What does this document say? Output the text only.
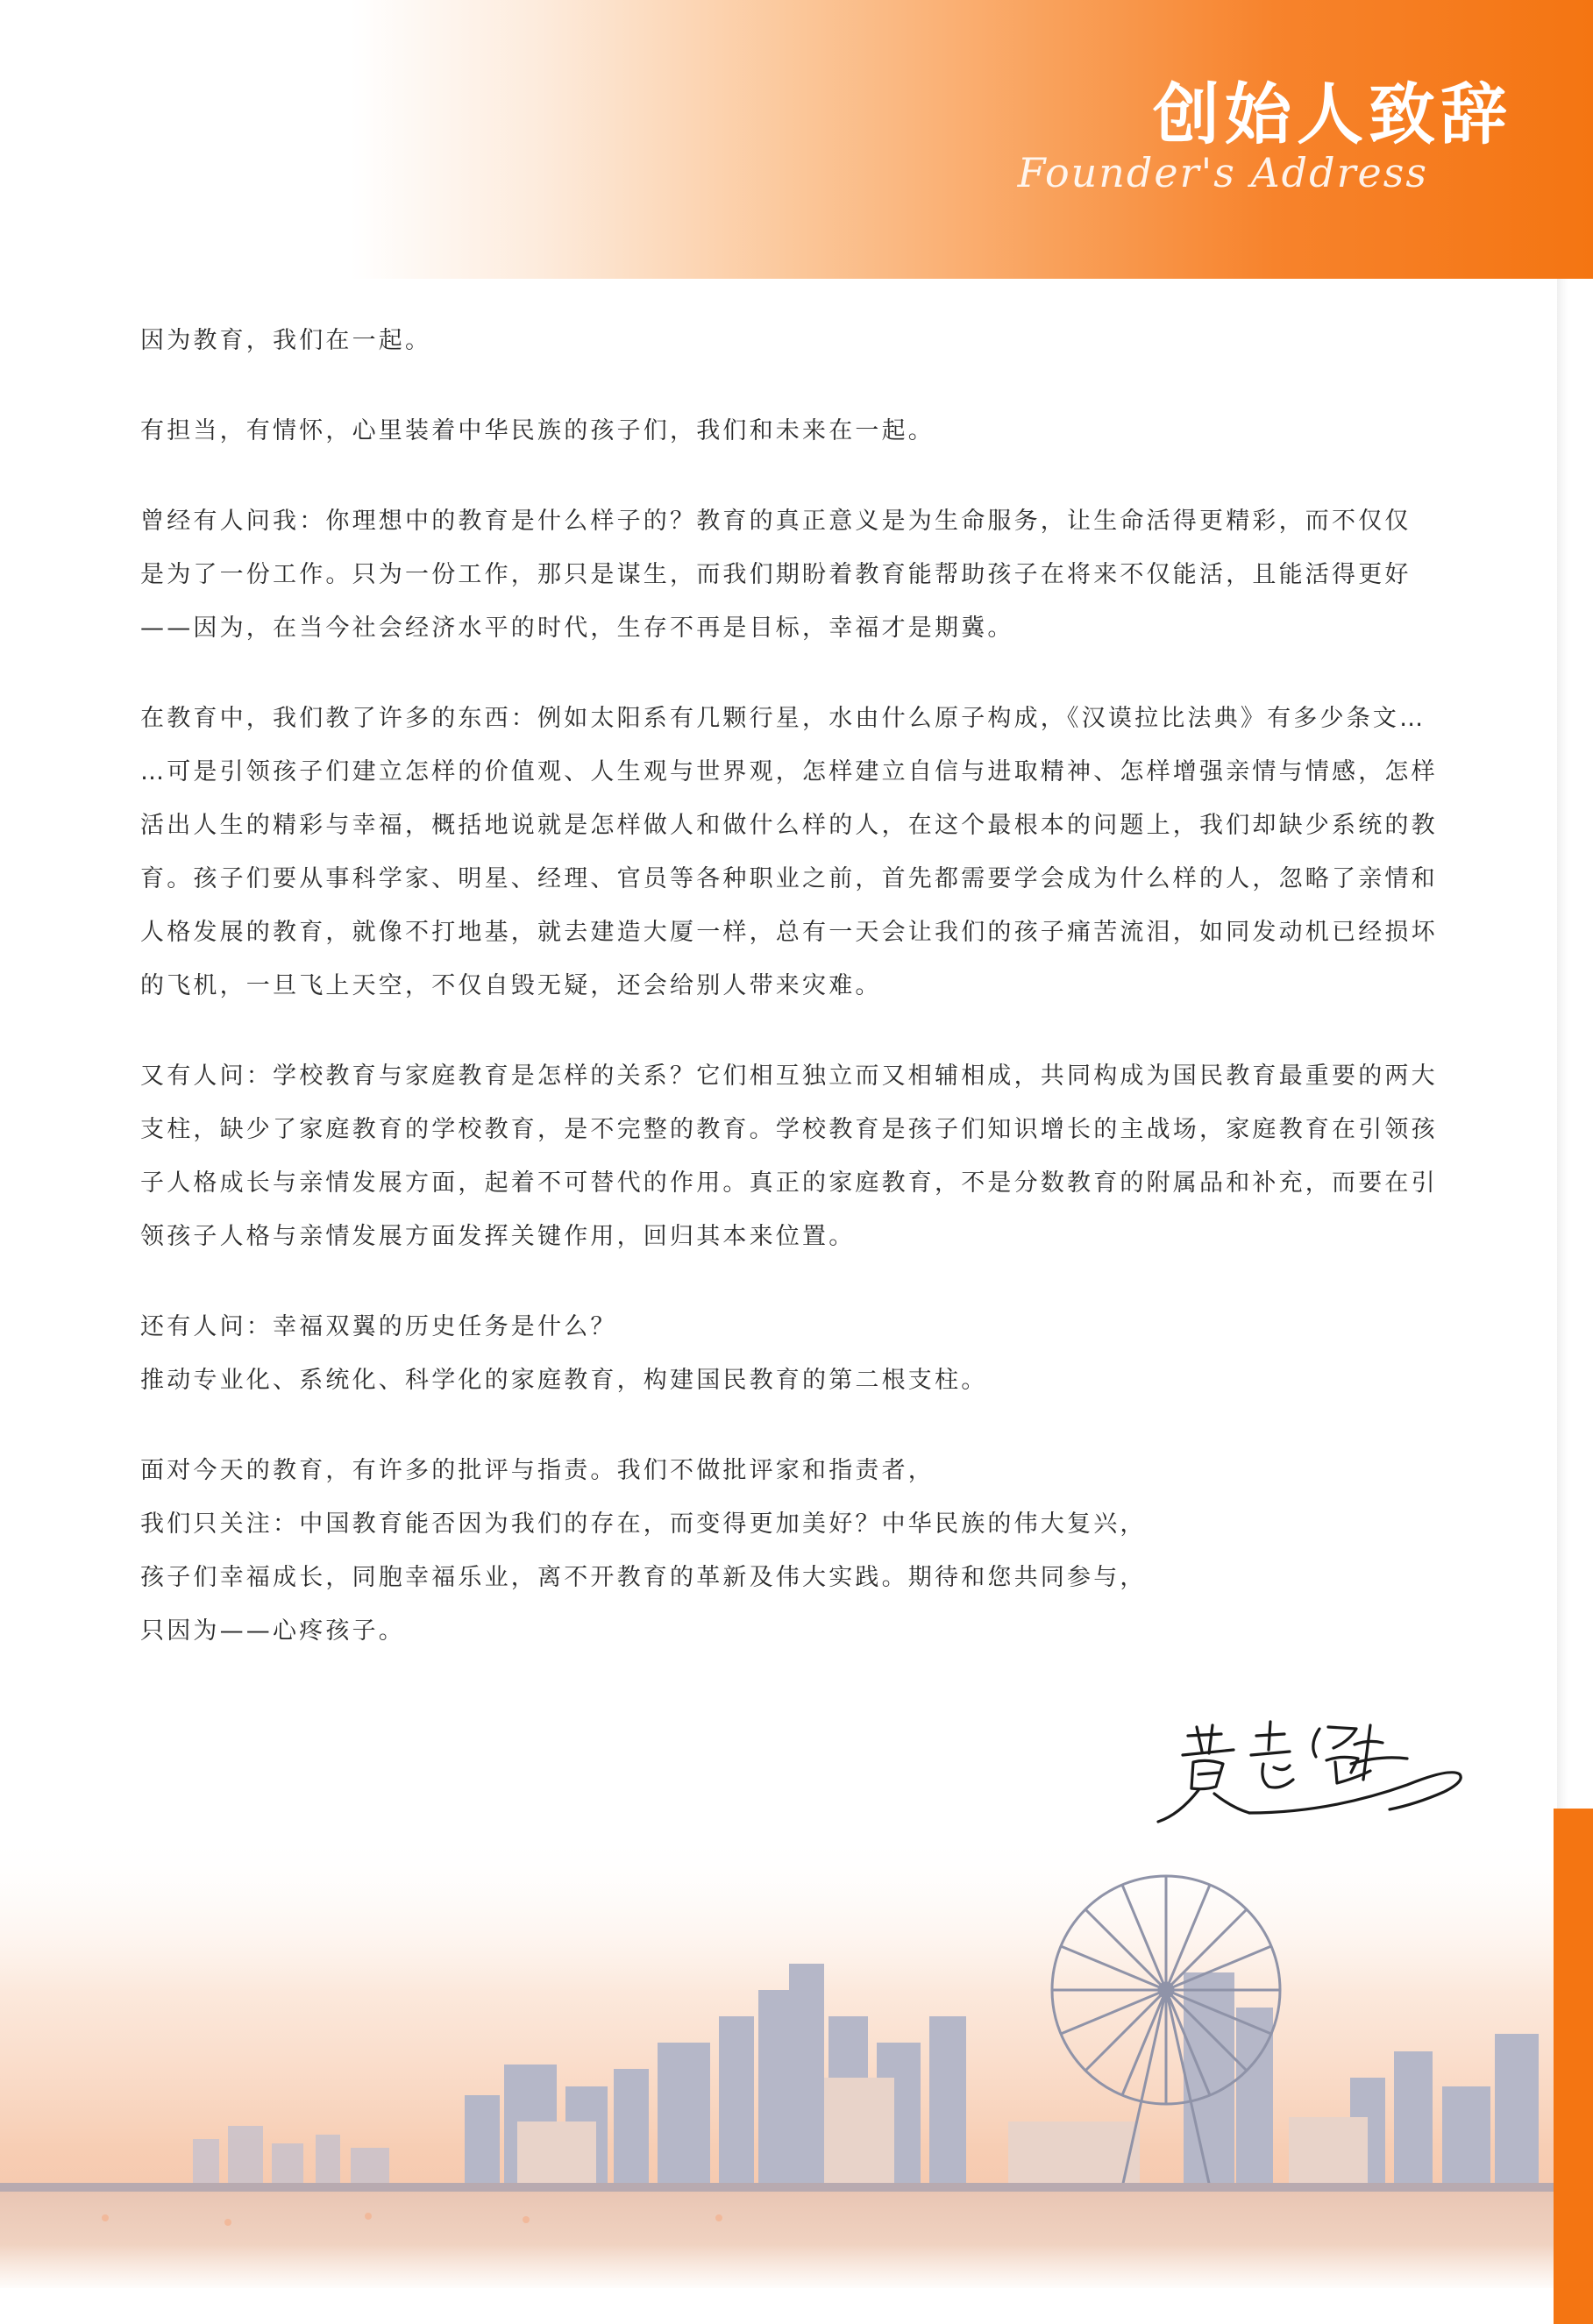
创始人致辞
Founder's Address
因为教育，我们在一起。
有担当，有情怀，心里装着中华民族的孩子们，我们和未来在一起。
曾经有人问我：你理想中的教育是什么样子的？教育的真正意义是为生命服务，让生命活得更精彩，而不仅仅
是为了一份工作。只为一份工作，那只是谋生，而我们期盼着教育能帮助孩子在将来不仅能活，且能活得更好
——因为，在当今社会经济水平的时代，生存不再是目标，幸福才是期冀。
在教育中，我们教了许多的东西：例如太阳系有几颗行星，水由什么原子构成，《汉谟拉比法典》有多少条文…
…可是引领孩子们建立怎样的价值观、人生观与世界观，怎样建立自信与进取精神、怎样增强亲情与情感，怎样
活出人生的精彩与幸福，概括地说就是怎样做人和做什么样的人，在这个最根本的问题上，我们却缺少系统的教
育。孩子们要从事科学家、明星、经理、官员等各种职业之前，首先都需要学会成为什么样的人，忽略了亲情和
人格发展的教育，就像不打地基，就去建造大厦一样，总有一天会让我们的孩子痛苦流泪，如同发动机已经损坏
的飞机，一旦飞上天空，不仅自毁无疑，还会给别人带来灾难。
又有人问：学校教育与家庭教育是怎样的关系？它们相互独立而又相辅相成，共同构成为国民教育最重要的两大
支柱，缺少了家庭教育的学校教育，是不完整的教育。学校教育是孩子们知识增长的主战场，家庭教育在引领孩
子人格成长与亲情发展方面，起着不可替代的作用。真正的家庭教育，不是分数教育的附属品和补充，而要在引
领孩子人格与亲情发展方面发挥关键作用，回归其本来位置。
还有人问：幸福双翼的历史任务是什么？
推动专业化、系统化、科学化的家庭教育，构建国民教育的第二根支柱。
面对今天的教育，有许多的批评与指责。我们不做批评家和指责者，
我们只关注：中国教育能否因为我们的存在，而变得更加美好？中华民族的伟大复兴，
孩子们幸福成长，同胞幸福乐业，离不开教育的革新及伟大实践。期待和您共同参与，
只因为——心疼孩子。
